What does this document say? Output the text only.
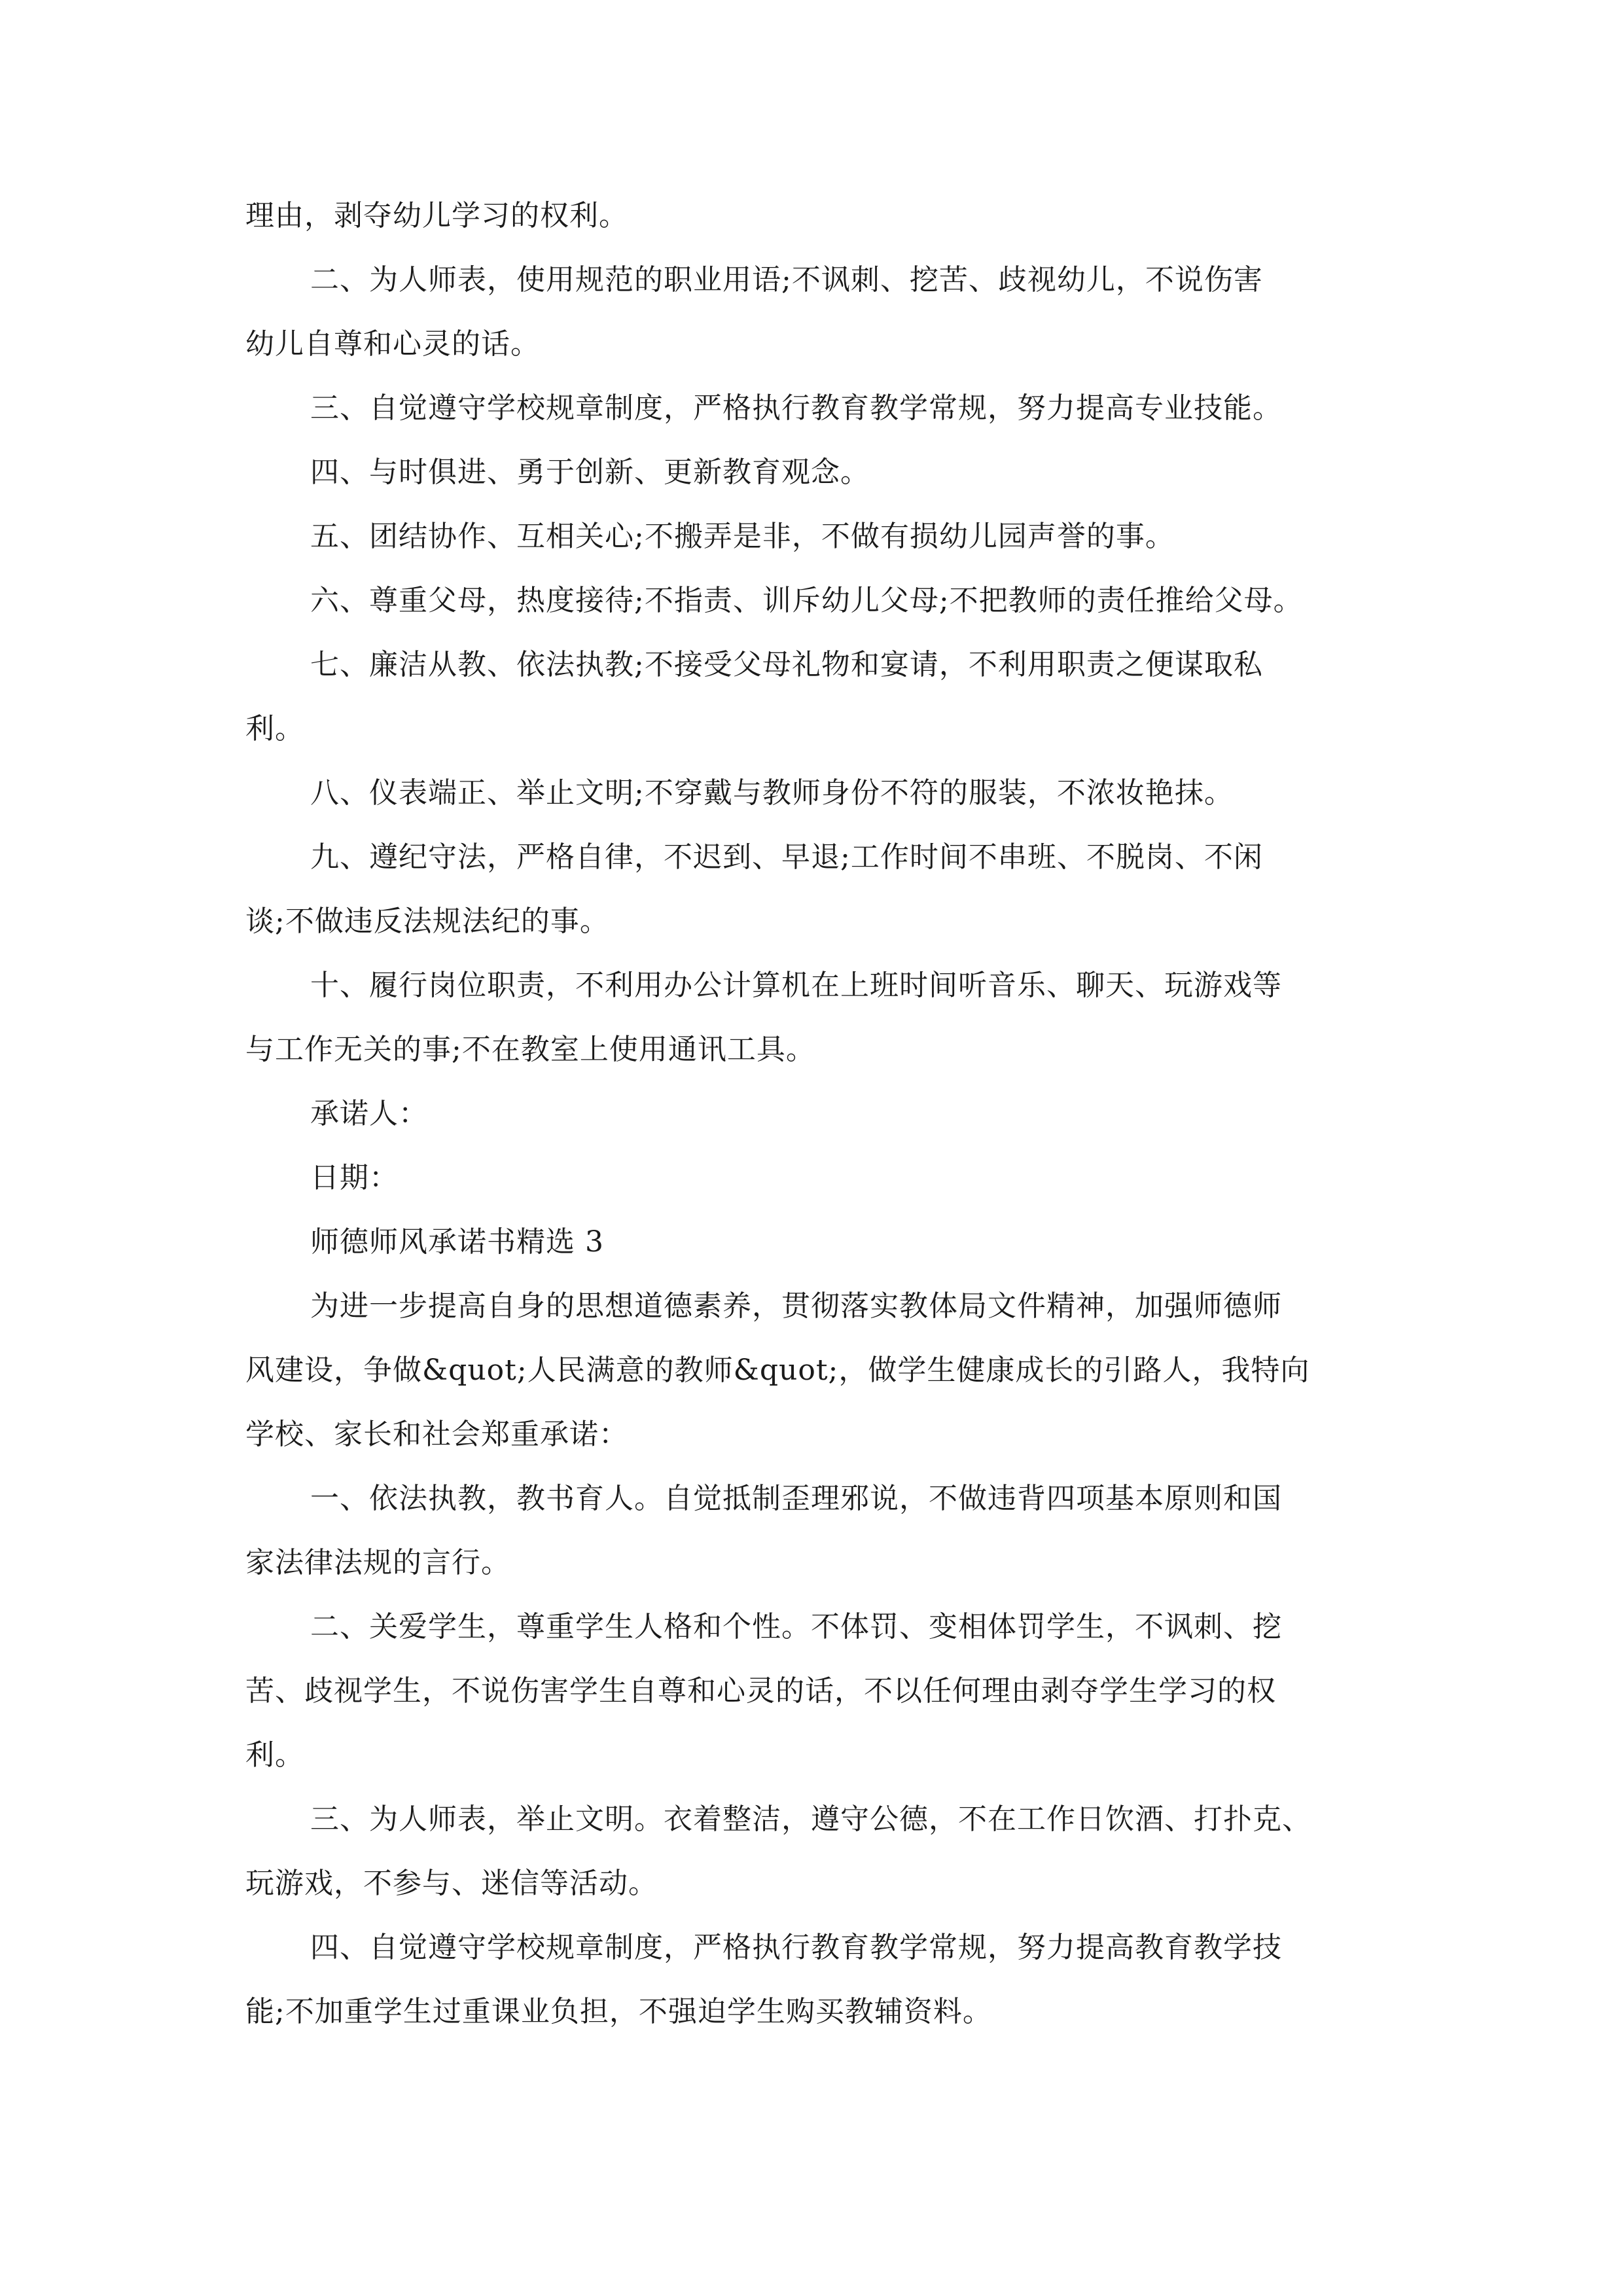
理由，剥夺幼儿学习的权利。
二、为人师表，使用规范的职业用语;不讽刺、挖苦、歧视幼儿，不说伤害
幼儿自尊和心灵的话。
三、自觉遵守学校规章制度，严格执行教育教学常规，努力提高专业技能。
四、与时俱进、勇于创新、更新教育观念。
五、团结协作、互相关心;不搬弄是非，不做有损幼儿园声誉的事。
六、尊重父母，热度接待;不指责、训斥幼儿父母;不把教师的责任推给父母。
七、廉洁从教、依法执教;不接受父母礼物和宴请，不利用职责之便谋取私
利。
八、仪表端正、举止文明;不穿戴与教师身份不符的服装，不浓妆艳抹。
九、遵纪守法，严格自律，不迟到、早退;工作时间不串班、不脱岗、不闲
谈;不做违反法规法纪的事。
十、履行岗位职责，不利用办公计算机在上班时间听音乐、聊天、玩游戏等
与工作无关的事;不在教室上使用通讯工具。
承诺人：
日期：
师德师风承诺书精选 3
为进一步提高自身的思想道德素养，贯彻落实教体局文件精神，加强师德师
风建设，争做&quot;人民满意的教师&quot;，做学生健康成长的引路人，我特向
学校、家长和社会郑重承诺：
一、依法执教，教书育人。自觉抵制歪理邪说，不做违背四项基本原则和国
家法律法规的言行。
二、关爱学生，尊重学生人格和个性。不体罚、变相体罚学生，不讽刺、挖
苦、歧视学生，不说伤害学生自尊和心灵的话，不以任何理由剥夺学生学习的权
利。
三、为人师表，举止文明。衣着整洁，遵守公德，不在工作日饮酒、打扑克、
玩游戏，不参与、迷信等活动。
四、自觉遵守学校规章制度，严格执行教育教学常规，努力提高教育教学技
能;不加重学生过重课业负担，不强迫学生购买教辅资料。
